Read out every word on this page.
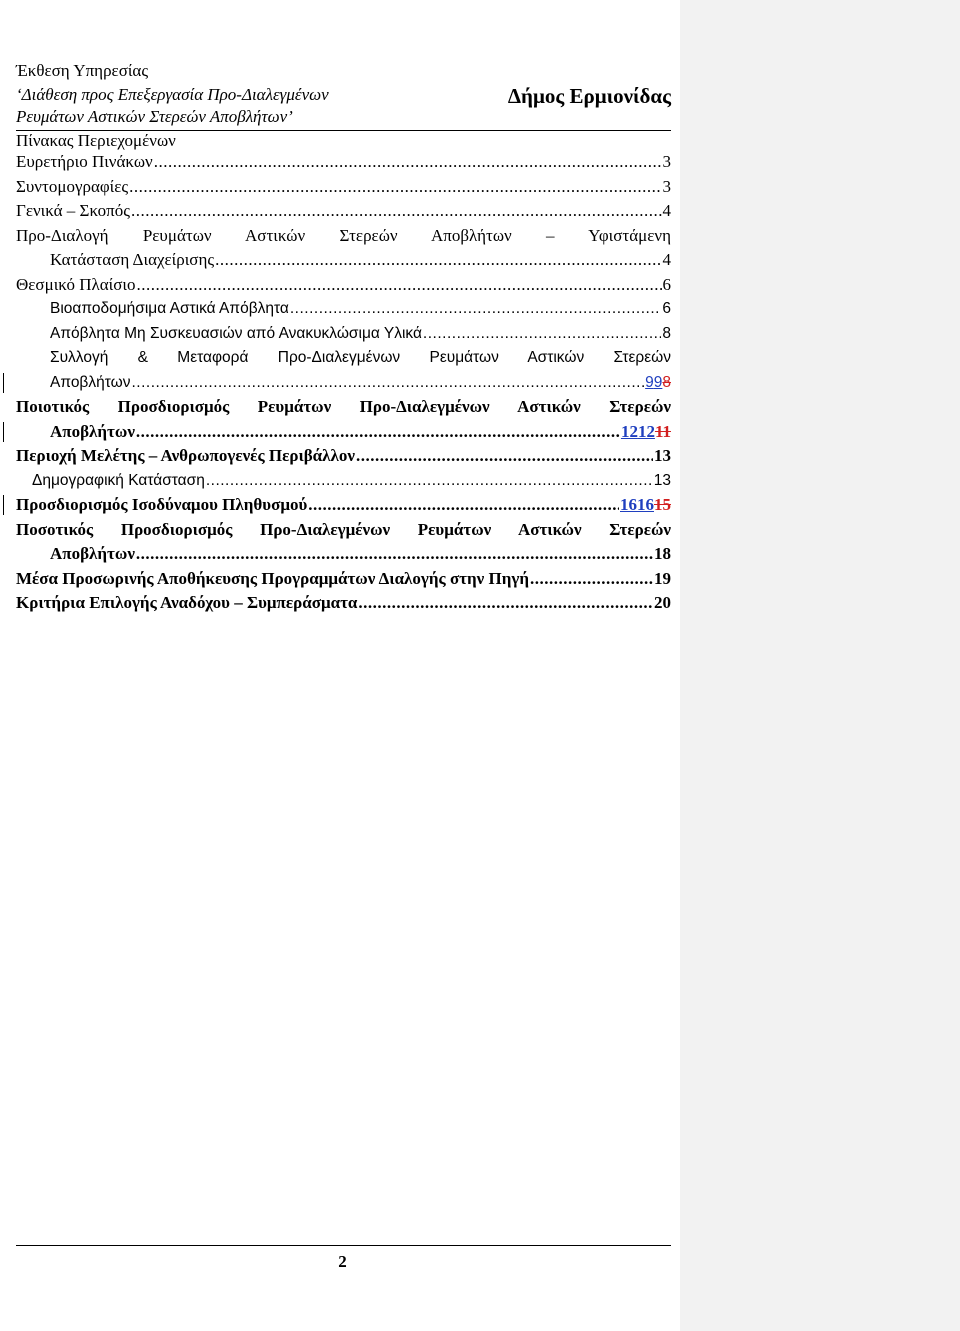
Έκθεση Υπηρεσίας
‘Διάθεση προς Επεξεργασία Προ-Διαλεγμένων
Ρευμάτων Αστικών Στερεών Αποβλήτων’
Δήμος Ερμιονίδας
Πίνακας Περιεχομένων
Ευρετήριο Πινάκων .....	3
Συντομογραφίες .....	3
Γενικά – Σκοπός .....	4
Προ-Διαλογή Ρευμάτων Αστικών Στερεών Αποβλήτων – Υφιστάμενη
Κατάσταση Διαχείρισης .....	4
Θεσμικό Πλαίσιο .....	6
Βιοαποδομήσιμα Αστικά Απόβλητα .....	6
Απόβλητα Μη Συσκευασιών από Ανακυκλώσιμα Υλικά .....	8
Συλλογή & Μεταφορά Προ-Διαλεγμένων Ρευμάτων Αστικών Στερεών
Αποβλήτων .....	998
Ποιοτικός Προσδιορισμός Ρευμάτων Προ-Διαλεγμένων Αστικών Στερεών
Αποβλήτων .....	121211
Περιοχή Μελέτης – Ανθρωπογενές Περιβάλλον .....	13
Δημογραφική Κατάσταση .....	13
Προσδιορισμός Ισοδύναμου Πληθυσμού .....	161615
Ποσοτικός Προσδιορισμός Προ-Διαλεγμένων Ρευμάτων Αστικών Στερεών
Αποβλήτων .....	18
Μέσα Προσωρινής Αποθήκευσης Προγραμμάτων Διαλογής στην Πηγή .....	19
Κριτήρια Επιλογής Αναδόχου – Συμπεράσματα .....	20
2
